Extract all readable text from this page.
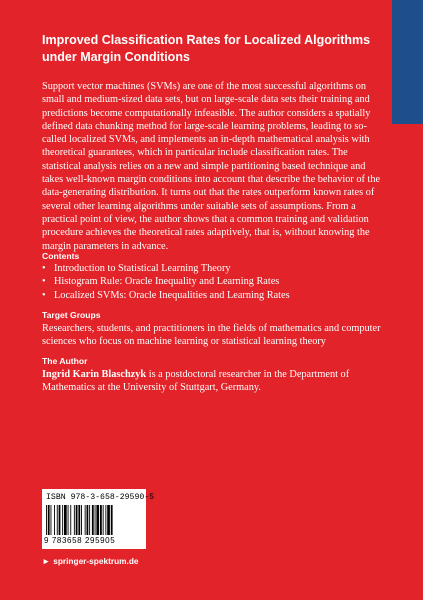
Improved Classification Rates for Localized Algorithms under Margin Conditions

Support vector machines (SVMs) are one of the most successful algorithms on small and medium-sized data sets, but on large-scale data sets their training and predictions become computationally infeasible. The author considers a spatially defined data chunking method for large-scale learning problems, leading to so-called localized SVMs, and implements an in-depth mathematical analysis with theoretical guarantees, which in particular include classification rates. The statistical analysis relies on a new and simple partitioning based technique and takes well-known margin conditions into account that describe the behavior of the data-generating distribution. It turns out that the rates outperform known rates of several other learning algorithms under suitable sets of assumptions. From a practical point of view, the author shows that a common training and validation procedure achieves the theoretical rates adaptively, that is, without knowing the margin parameters in advance.

Contents
• Introduction to Statistical Learning Theory
• Histogram Rule: Oracle Inequality and Learning Rates
• Localized SVMs: Oracle Inequalities and Learning Rates
Target Groups

Researchers, students, and practitioners in the fields of mathematics and computer sciences who focus on machine learning or statistical learning theory

The Author

Ingrid Karin Blaschzyk is a postdoctoral researcher in the Department of Mathematics at the University of Stuttgart, Germany.

ISBN 978-3-658-29590-5
9 783658 295905
► springer-spektrum.de
